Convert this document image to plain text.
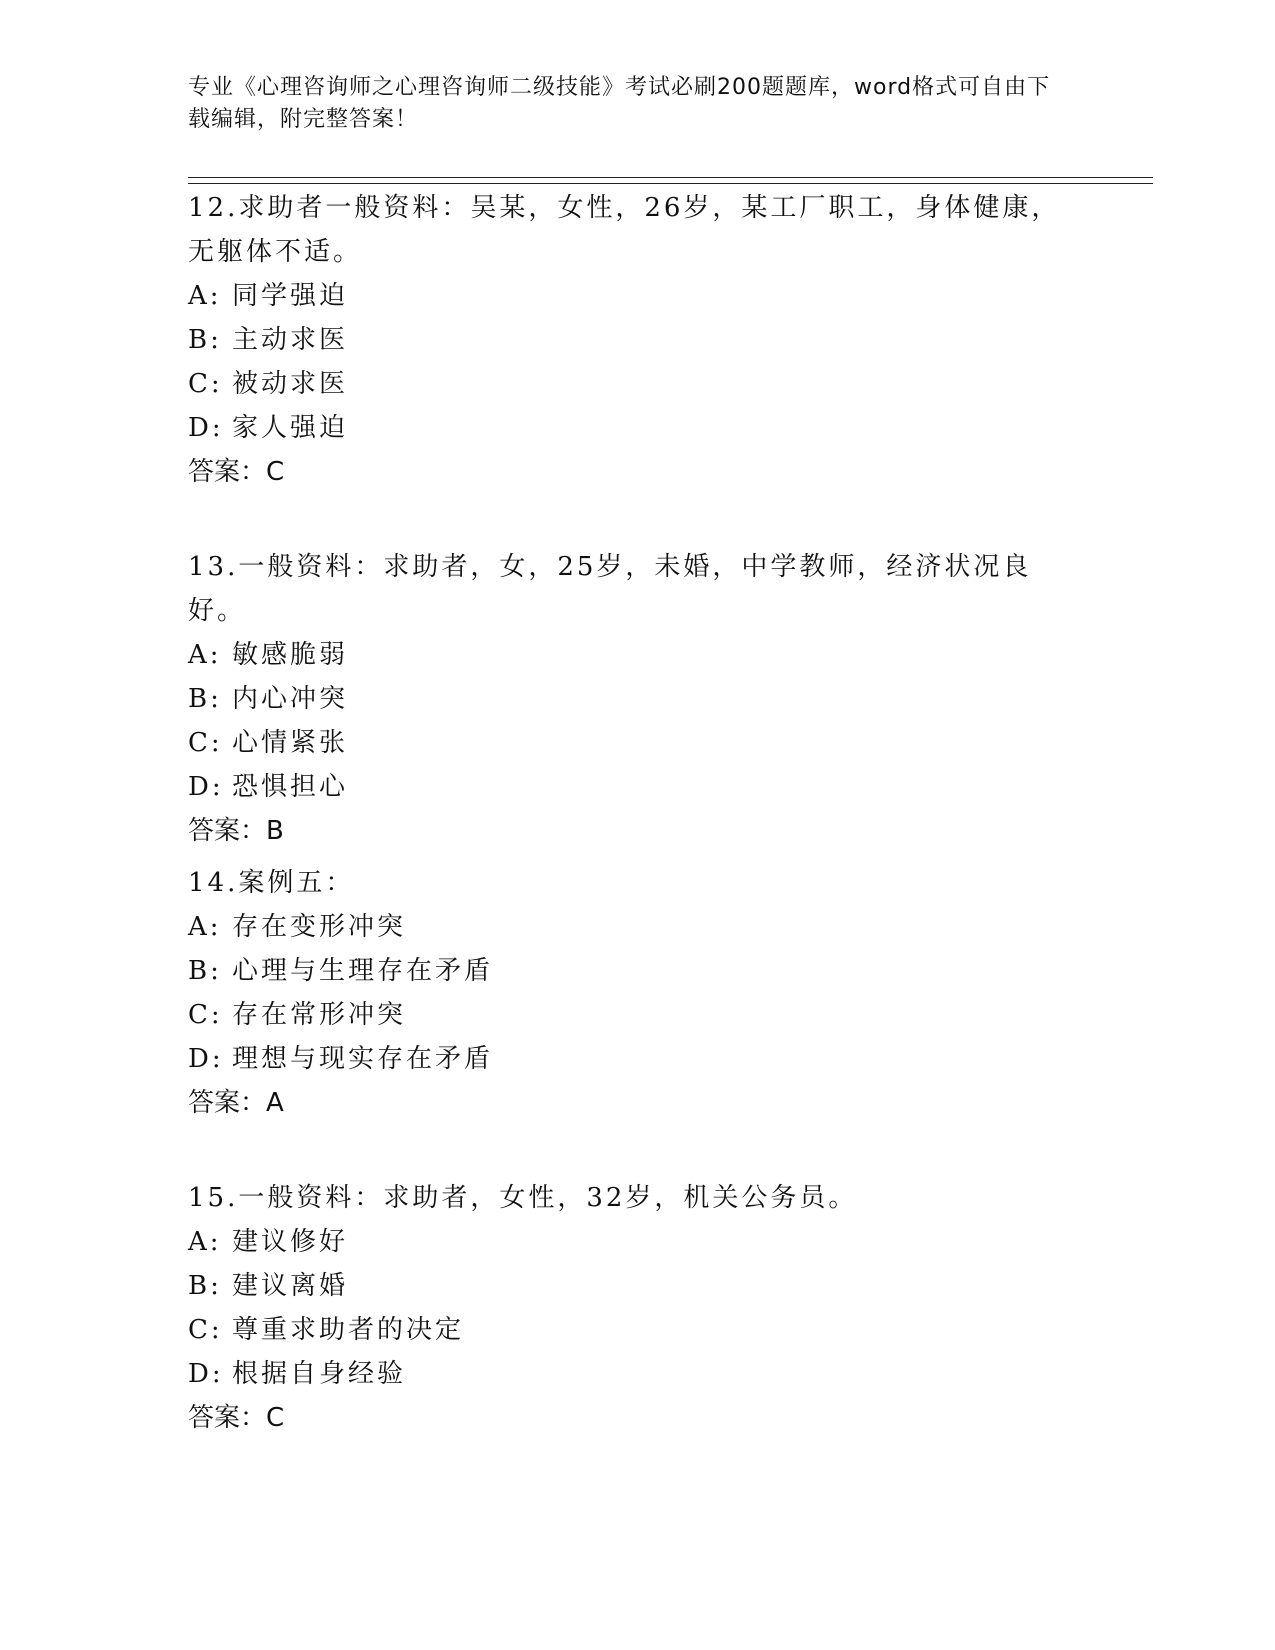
专业《心理咨询师之心理咨询师二级技能》考试必刷200题题库，word格式可自由下载编辑，附完整答案！

12.求助者一般资料：吴某，女性，26岁，某工厂职工，身体健康，无躯体不适。

A: 同学强迫

B: 主动求医

C: 被动求医

D: 家人强迫

答案：C

13.一般资料：求助者，女，25岁，未婚，中学教师，经济状况良好。

A: 敏感脆弱

B: 内心冲突

C: 心情紧张

D: 恐惧担心

答案：B

14.案例五：

A: 存在变形冲突

B: 心理与生理存在矛盾

C: 存在常形冲突

D: 理想与现实存在矛盾

答案：A

15.一般资料：求助者，女性，32岁，机关公务员。

A: 建议修好

B: 建议离婚

C: 尊重求助者的决定

D: 根据自身经验

答案：C
